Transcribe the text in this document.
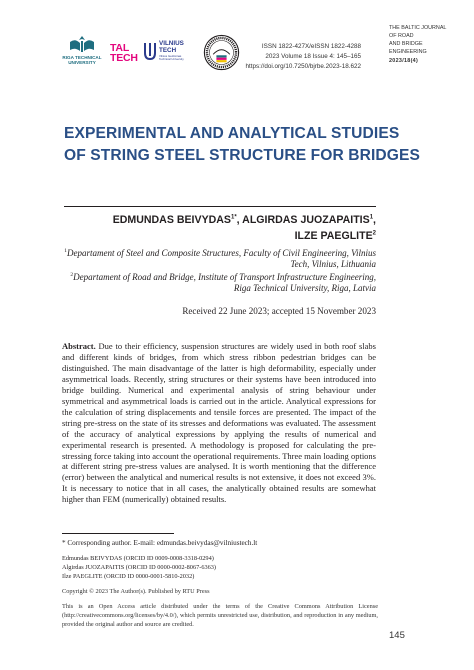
RIGA TECHNICAL
UNIVERSITY
TAL
TECH
VILNIUS
TECH
Vilnius Gediminas
Technical University
ISSN 1822-427X/eISSN 1822-4288
2023 Volume 18 Issue 4: 145–165
https://doi.org/10.7250/bjrbe.2023-18.622
THE BALTIC JOURNAL
OF ROAD
AND BRIDGE
ENGINEERING
2023/18(4)
EXPERIMENTAL AND ANALYTICAL STUDIES
OF STRING STEEL STRUCTURE FOR BRIDGES
EDMUNDAS $BEIVYDAS^{1*}$, ALGIRDAS JUOZAPAITIS$^1$,
ILZE PAEGLITE$^2$

$^1$Departament of Steel and Composite Structures, Faculty of Civil Engineering, Vilnius Tech, Vilnius, Lithuania

$^2$Departament of Road and Bridge, Institute of Transport Infrastructure Engineering, Riga Technical University, Riga, Latvia

Received 22 June 2023; accepted 15 November 2023
Abstract. Due to their efficiency, suspension structures are widely used in both roof slabs and different kinds of bridges, from which stress ribbon pedestrian bridges can be distinguished. The main disadvantage of the latter is high deformability, especially under asymmetrical loads. Recently, string structures or their systems have been introduced into bridge building. Numerical and experimental analysis of string behaviour under symmetrical and asymmetrical loads is carried out in the article. Analytical expressions for the calculation of string displacements and tensile forces are presented. The impact of the string pre-stress on the state of its stresses and deformations was evaluated. The assessment of the accuracy of analytical expressions by applying the results of numerical and experimental research is presented. A methodology is proposed for calculating the pre-stressing force taking into account the operational requirements. Three main loading options at different string pre-stress values are analysed. It is worth mentioning that the difference (error) between the analytical and numerical results is not extensive, it does not exceed 3%. It is necessary to notice that in all cases, the analytically obtained results are somewhat higher than FEM (numerically) obtained results.
* Corresponding author. E-mail: edmundas.beivydas@vilniustech.lt

Edmundas BEIVYDAS (ORCID ID 0009-0008-3318-0294)

Algirdas JUOZAPAITIS (ORCID ID 0000-0002-8067-6363)

Ilze PAEGLITE (ORCID ID 0000-0001-5810-2032)

Copyright © 2023 The Author(s). Published by RTU Press
This is an Open Access article distributed under the terms of the Creative Commons Attribution License (http://creativecommons.org/licenses/by/4.0/), which permits unrestricted use, distribution, and reproduction in any medium, provided the original author and source are credited.
145
